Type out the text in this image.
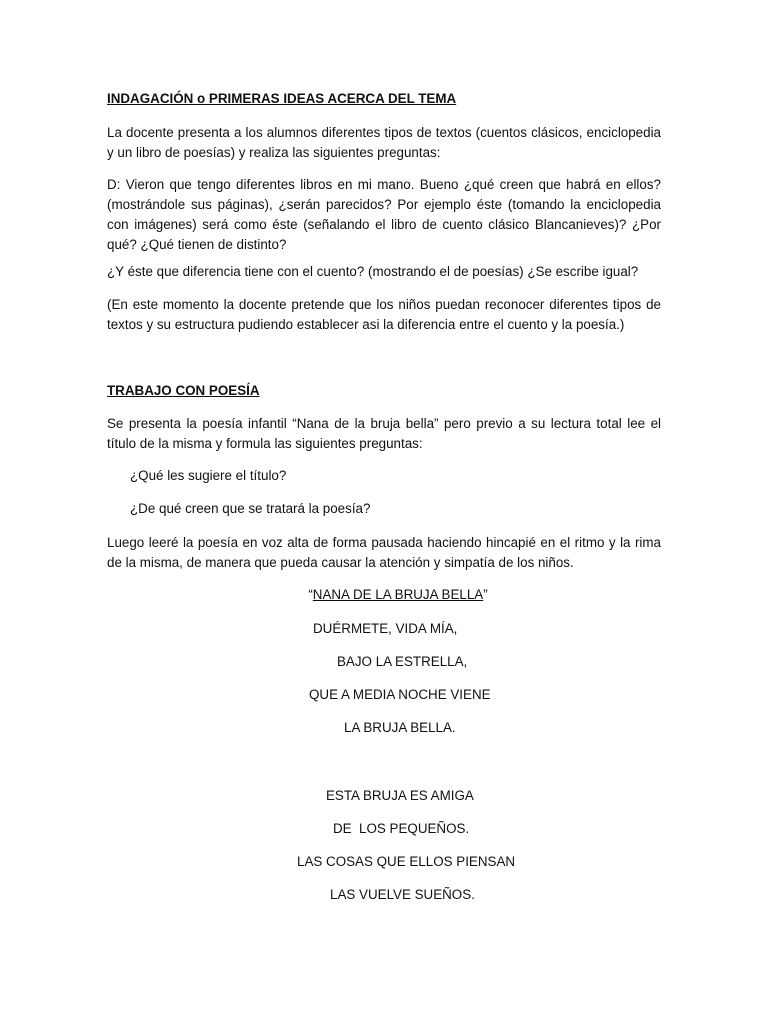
INDAGACIÓN o PRIMERAS IDEAS ACERCA DEL TEMA

La docente presenta a los alumnos diferentes tipos de textos (cuentos clásicos, enciclopedia y un libro de poesías) y realiza las siguientes preguntas:

D: Vieron que tengo diferentes libros en mi mano. Bueno ¿qué creen que habrá en ellos? (mostrándole sus páginas), ¿serán parecidos? Por ejemplo éste (tomando la enciclopedia con imágenes) será como éste (señalando el libro de cuento clásico Blancanieves)? ¿Por qué? ¿Qué tienen de distinto?

¿Y éste que diferencia tiene con el cuento? (mostrando el de poesías) ¿Se escribe igual?

(En este momento la docente pretende que los niños puedan reconocer diferentes tipos de textos y su estructura pudiendo establecer asi la diferencia entre el cuento y la poesía.)

TRABAJO CON POESÍA

Se presenta la poesía infantil “Nana de la bruja bella” pero previo a su lectura total lee el título de la misma y formula las siguientes preguntas:

¿Qué les sugiere el título?

¿De qué creen que se tratará la poesía?

Luego leeré la poesía en voz alta de forma pausada haciendo hincapié en el ritmo y la rima de la misma, de manera que pueda causar la atención y simpatía de los niños.

“NANA DE LA BRUJA BELLA”

DUÉRMETE, VIDA MÍA,

BAJO LA ESTRELLA,

QUE A MEDIA NOCHE VIENE

LA BRUJA BELLA.

ESTA BRUJA ES AMIGA

DE  LOS PEQUEÑOS.

LAS COSAS QUE ELLOS PIENSAN

LAS VUELVE SUEÑOS.
